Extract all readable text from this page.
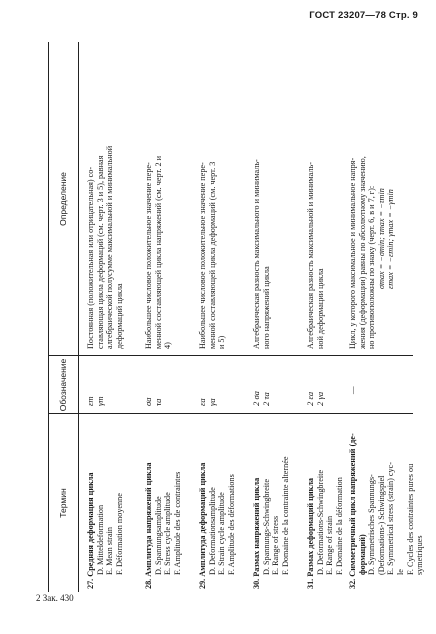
ГОСТ 23207—78 Стр. 9
Термин
Обозначение
Определение
27. Средняя деформация цикла D. Mitteldeformation E. Mean strain F. Déformation moyenne
εm γm
Постоянная (положительная или отрицательная) со- ставляющая цикла деформаций (см. черт. 3 и 5), равная алгебраической полусумме максимальной и минимальной деформаций цикла
28. Амплитуда напряжений цикла D. Spannungsamplitude E. Stress cycle amplitude F. Amplitude des de contraintes
σa τa
Наибольшее числовое положительное значение пере- менной составляющей цикла напряжений (см. черт. 2 и 4)
29. Амплитуда деформаций цикла D. Deformationsamplitude E. Strain cycle amplitude F. Amplitude des déformations
εa γa
Наибольшее числовое положительное значение пере- менной составляющей цикла деформаций (см. черт. 3 и 5)
30. Размах напряжений цикла D. Spannungs-Schwingbreite E. Range of stress F. Domaine de la contrainte alternée
2 σa 2 τa
Алгебраическая разность максимального и минималь- ного напряжений цикла
31. Размах деформаций цикла D. Deformations-Schwingbreite E. Range of strain F. Domaine de la déformation
2 εa 2 γa
Алгебраическая разность максимальной и минималь- ной деформации цикла
32. Симметричный цикл напряжений (де- формаций) D. Symmetrisches Spannungs- (Deformations-) Schwingspiel E. Symmetrical stress (strain) cyc- le F. Cycles des contraintes pures ou symetriques
—
Цикл, у которого максимальное и минимальное напря- жения (деформации) равны по абсолютному значению, но противоположны по знаку (черт. 6, в и 7, г): σmax = −σmin; τmax = −τmin εmax = −εmin; γmax = −γmin
2 Зак. 430
